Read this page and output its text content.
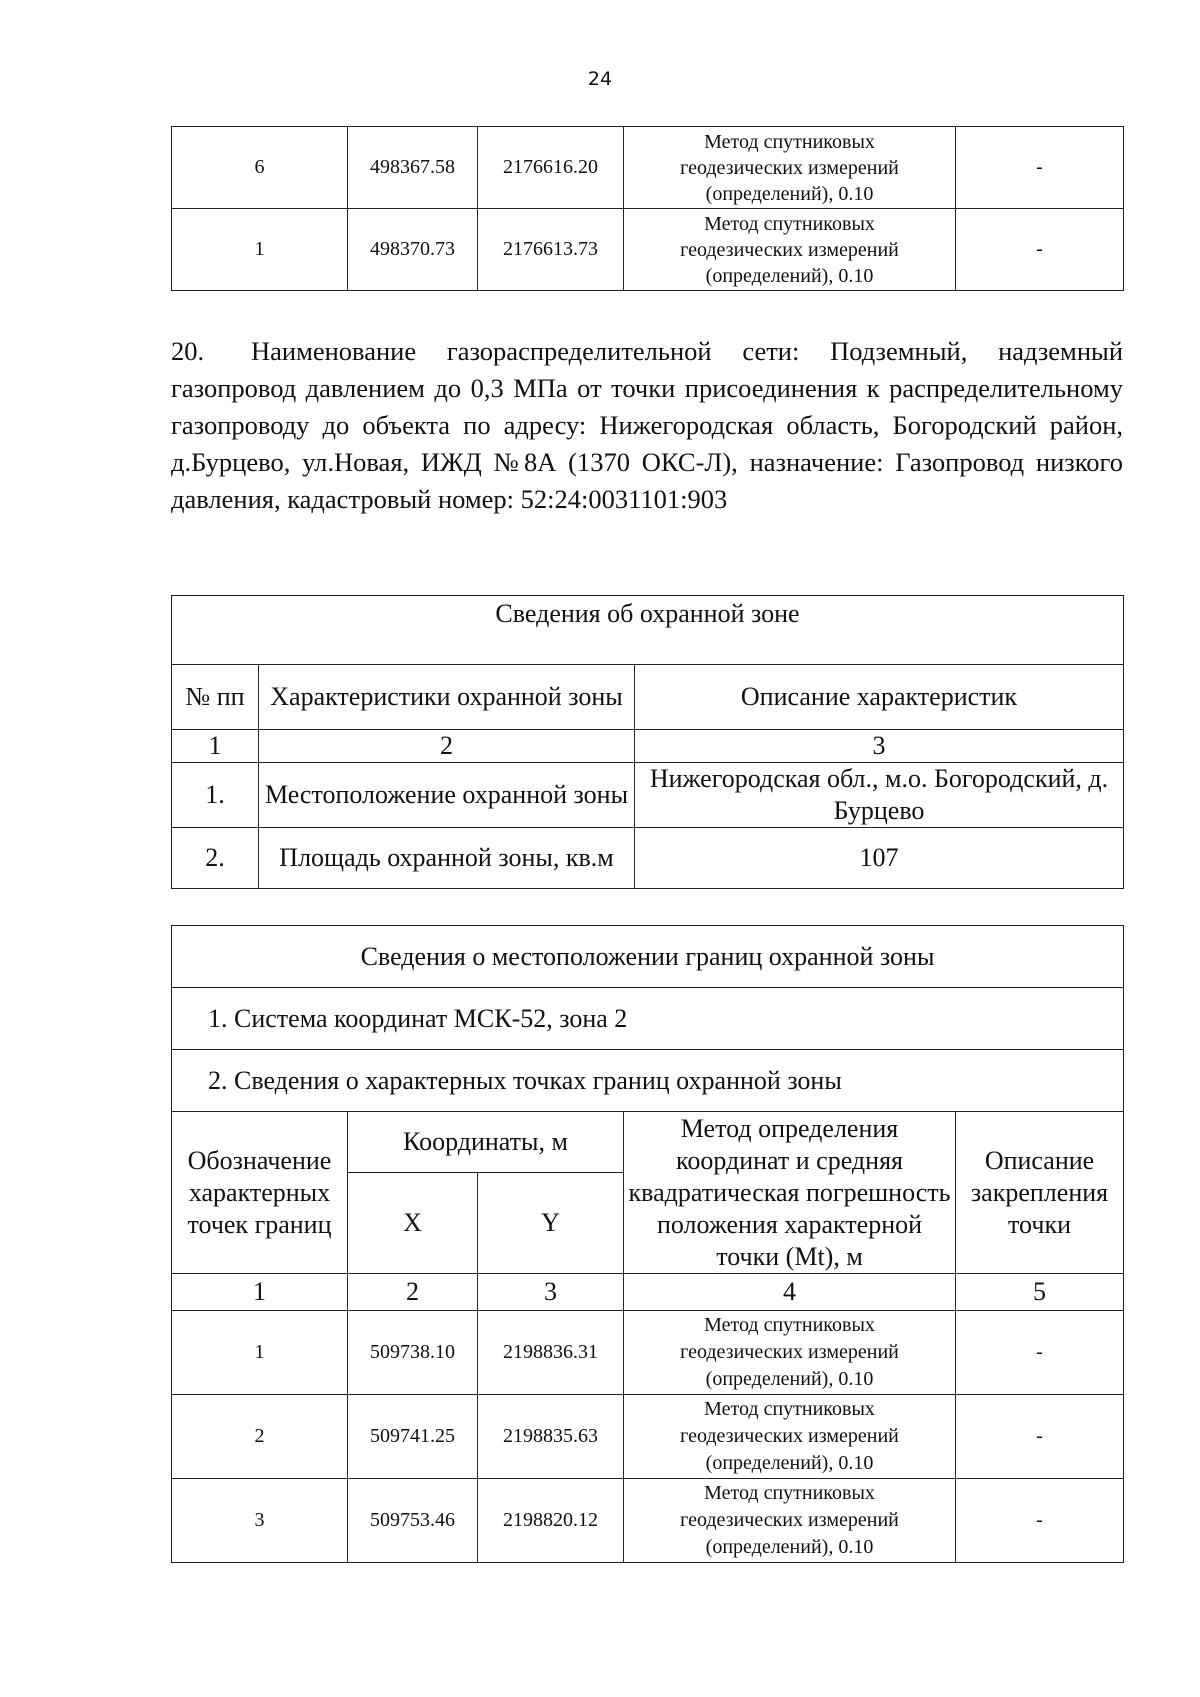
24
6	498367.58	2176616.20	Метод спутниковых
геодезических измерений
(определений), 0.10	-
1	498370.73	2176613.73	Метод спутниковых
геодезических измерений
(определений), 0.10	-
20. Наименование газораспределительной сети: Подземный, надземный газопровод давлением до 0,3 МПа от точки присоединения к распределительному газопроводу до объекта по адресу: Нижегородская область, Богородский район, д.Бурцево, ул.Новая, ИЖД №8А (1370 ОКС-Л), назначение: Газопровод низкого давления, кадастровый номер: 52:24:0031101:903
Сведения об охранной зоне		
№ пп	Характеристики охранной зоны	Описание характеристик
1	2	3
1.	Местоположение охранной зоны	Нижегородская обл., м.о. Богородский, д. Бурцево
2.	Площадь охранной зоны, кв.м	107
Сведения о местоположении границ охранной зоны				
1. Система координат МСК-52, зона 2				
2. Сведения о характерных точках границ охранной зоны				
Обозначение характерных точек границ	Координаты, м		Метод определения координат и средняя квадратическая погрешность положения характерной точки (Mt), м	Описание закрепления точки
	X	Y		
1	2	3	4	5
1	509738.10	2198836.31	Метод спутниковых
геодезических измерений
(определений), 0.10	-
2	509741.25	2198835.63	Метод спутниковых
геодезических измерений
(определений), 0.10	-
3	509753.46	2198820.12	Метод спутниковых
геодезических измерений
(определений), 0.10	-
